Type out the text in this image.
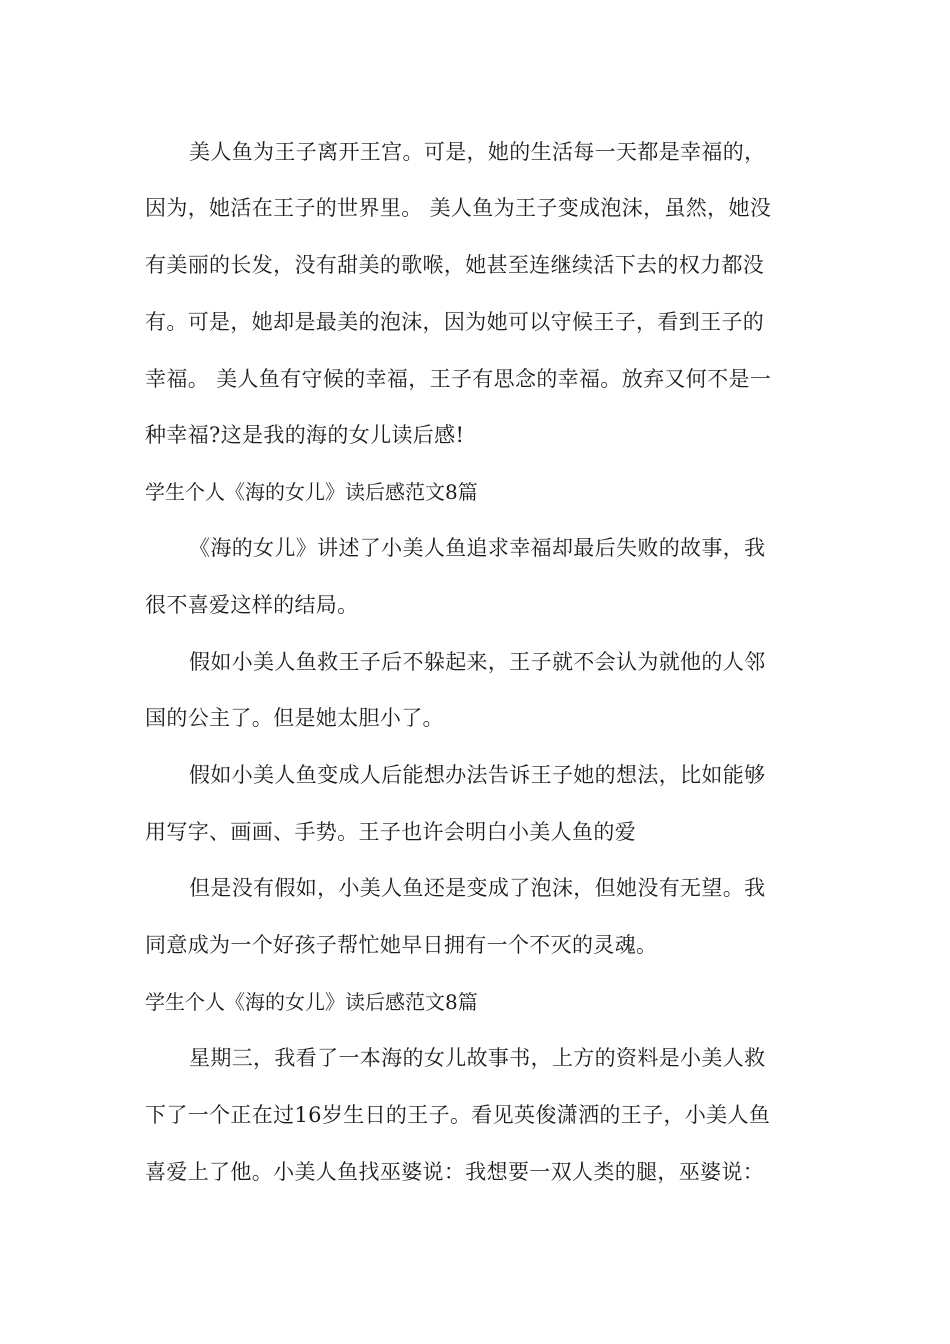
美人鱼为王子离开王宫。可是，她的生活每一天都是幸福的，
因为，她活在王子的世界里。 美人鱼为王子变成泡沫，虽然，她没
有美丽的长发，没有甜美的歌喉，她甚至连继续活下去的权力都没
有。可是，她却是最美的泡沫，因为她可以守候王子，看到王子的
幸福。 美人鱼有守候的幸福，王子有思念的幸福。放弃又何不是一
种幸福?这是我的海的女儿读后感!
学生个人《海的女儿》读后感范文8篇
《海的女儿》讲述了小美人鱼追求幸福却最后失败的故事，我
很不喜爱这样的结局。
假如小美人鱼救王子后不躲起来，王子就不会认为就他的人邻
国的公主了。但是她太胆小了。
假如小美人鱼变成人后能想办法告诉王子她的想法，比如能够
用写字、画画、手势。王子也许会明白小美人鱼的爱
但是没有假如，小美人鱼还是变成了泡沫，但她没有无望。我
同意成为一个好孩子帮忙她早日拥有一个不灭的灵魂。
学生个人《海的女儿》读后感范文8篇
星期三，我看了一本海的女儿故事书，上方的资料是小美人救
下了一个正在过16岁生日的王子。看见英俊潇洒的王子，小美人鱼
喜爱上了他。小美人鱼找巫婆说：我想要一双人类的腿，巫婆说：
